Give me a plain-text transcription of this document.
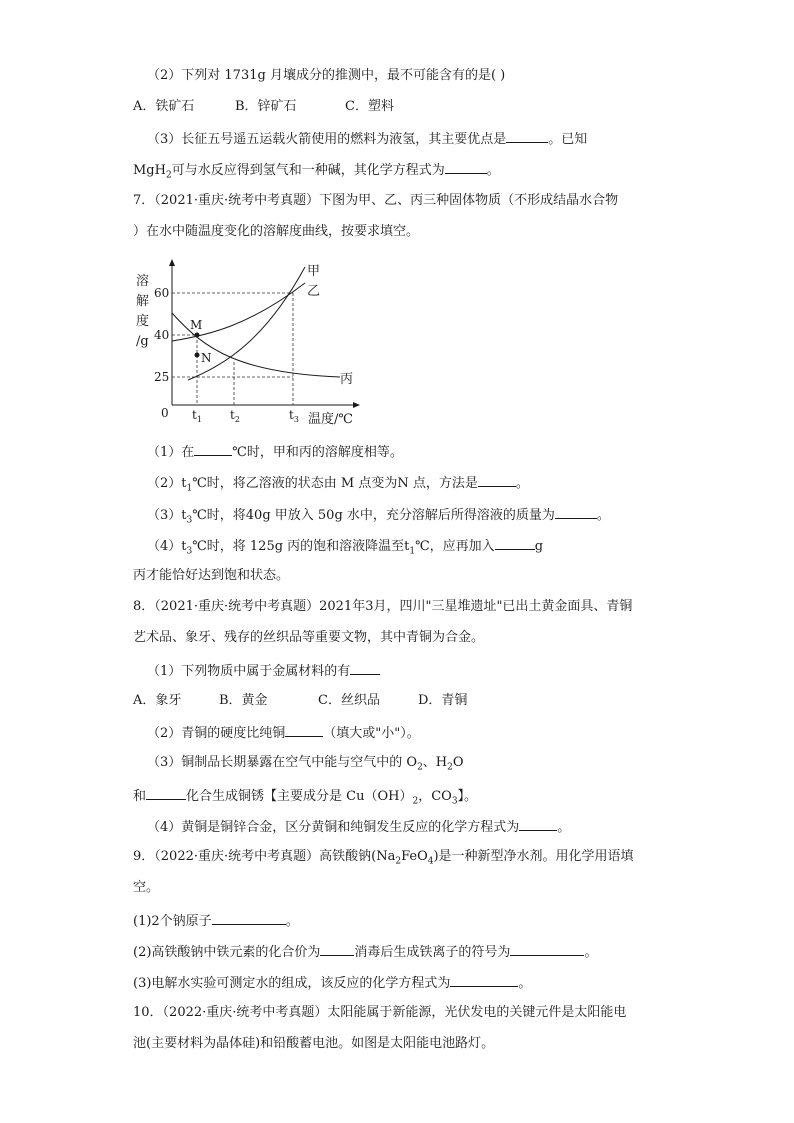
（2）下列对 1731g 月壤成分的推测中，最不可能含有的是( )
A．铁矿石	B．锌矿石	C．塑料
（3）长征五号遥五运载火箭使用的燃料为液氢，其主要优点是	。已知
MgH$_2$可与水反应得到氢气和一种碱，其化学方程式为	。
7．（2021·重庆·统考中考真题）下图为甲、乙、丙三种固体物质（不形成结晶水合物
）在水中随温度变化的溶解度曲线，按要求填空。
M
N
甲
乙
丙
溶
解
度
/g
60
40
25
0 $t_1$ $t_2$	$t_3$ 温度/℃
（1）在	℃时，甲和丙的溶解度相等。
$(2)t_1℃$时，将乙溶液的状态由 M 点变为N 点，方法是	。
$(3)t_3℃$时，将40g 甲放入 50g 水中，充分溶解后所得溶液的质量为	。
$(4)t_3℃$时，将 125g 丙的饱和溶液降温至$t_1℃$，应再加入	g
丙才能恰好达到饱和状态。
8．（2021·重庆·统考中考真题）2021年3月，四川"三星堆遗址"已出土黄金面具、青铜
艺术品、象牙、残存的丝织品等重要文物，其中青铜为合金。
（1）下列物质中属于金属材料的有
A．象牙	B．黄金	C．丝织品	D．青铜
（2）青铜的硬度比纯铜	（填大或"小"）。
（3）铜制品长期暴露在空气中能与空气中的 $O_2$、$H_2O$
和	化合生成铜锈【主要成分是 $Cu(OH)_2$，$CO_3$】。
（4）黄铜是铜锌合金，区分黄铜和纯铜发生反应的化学方程式为	。
9．（2022·重庆·统考中考真题）高铁酸钠$(Na_2FeO_4)$是一种新型净水剂。用化学用语填
空。
(1)2个钠原子	。
(2)高铁酸钠中铁元素的化合价为	消毒后生成铁离子的符号为	。
(3)电解水实验可测定水的组成，该反应的化学方程式为	。
10．（2022·重庆·统考中考真题）太阳能属于新能源，光伏发电的关键元件是太阳能电
池(主要材料为晶体硅)和铅酸蓄电池。如图是太阳能电池路灯。
